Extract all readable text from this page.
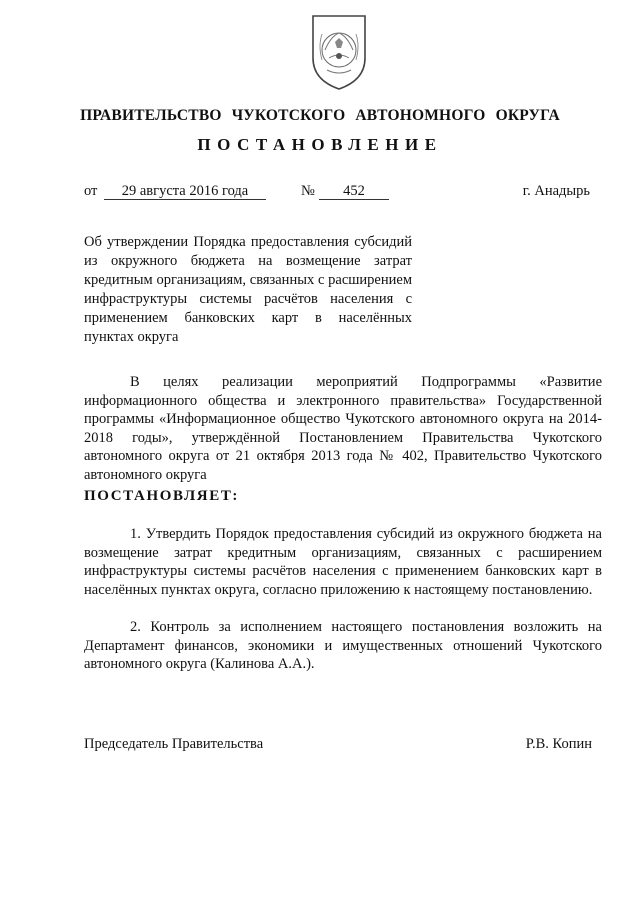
ПРАВИТЕЛЬСТВО ЧУКОТСКОГО АВТОНОМНОГО ОКРУГА
ПОСТАНОВЛЕНИЕ
от	29 августа 2016 года	№	452	г. Анадырь
Об утверждении Порядка предоставления субсидий из окружного бюджета на возмещение затрат кредитным организациям, связанных с расширением инфраструктуры системы расчётов населения с применением банковских карт в населённых пунктах округа
В целях реализации мероприятий Подпрограммы «Развитие информационного общества и электронного правительства» Государственной программы «Информационное общество Чукотского автономного округа на 2014-2018 годы», утверждённой Постановлением Правительства Чукотского автономного округа от 21 октября 2013 года № 402, Правительство Чукотского автономного округа
ПОСТАНОВЛЯЕТ:
1. Утвердить Порядок предоставления субсидий из окружного бюджета на возмещение затрат кредитным организациям, связанных с расширением инфраструктуры системы расчётов населения с применением банковских карт в населённых пунктах округа, согласно приложению к настоящему постановлению.
2. Контроль за исполнением настоящего постановления возложить на Департамент финансов, экономики и имущественных отношений Чукотского автономного округа (Калинова А.А.).
Председатель Правительства	Р.В. Копин
